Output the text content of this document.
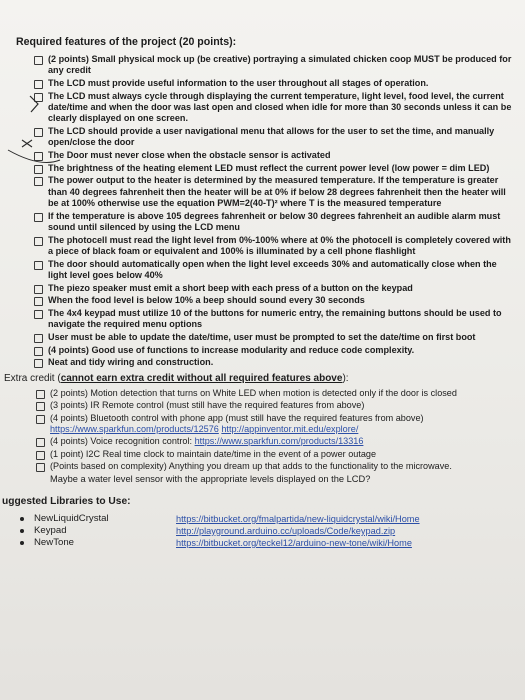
Required features of the project (20 points):
(2 points) Small physical mock up (be creative) portraying a simulated chicken coop MUST be produced for any credit
The LCD must provide useful information to the user throughout all stages of operation.
The LCD must always cycle through displaying the current temperature, light level, food level, the current date/time and when the door was last open and closed when idle for more than 30 seconds unless it can be clearly displayed on one screen.
The LCD should provide a user navigational menu that allows for the user to set the time, and manually open/close the door
The Door must never close when the obstacle sensor is activated
The brightness of the heating element LED must reflect the current power level (low power = dim LED)
The power output to the heater is determined by the measured temperature. If the temperature is greater than 40 degrees fahrenheit then the heater will be at 0% if below 28 degrees fahrenheit then the heater will be at 100% otherwise use the equation PWM=2(40-T)² where T is the measured temperature
If the temperature is above 105 degrees fahrenheit or below 30 degrees fahrenheit an audible alarm must sound until silenced by using the LCD menu
The photocell must read the light level from 0%-100% where at 0% the photocell is completely covered with a piece of black foam or equivalent and 100% is illuminated by a cell phone flashlight
The door should automatically open when the light level exceeds 30% and automatically close when the light level goes below 40%
The piezo speaker must emit a short beep with each press of a button on the keypad
When the food level is below 10% a beep should sound every 30 seconds
The 4x4 keypad must utilize 10 of the buttons for numeric entry, the remaining buttons should be used to navigate the required menu options
User must be able to update the date/time, user must be prompted to set the date/time on first boot
(4 points) Good use of functions to increase modularity and reduce code complexity.
Neat and tidy wiring and construction.
Extra credit (cannot earn extra credit without all required features above):
(2 points) Motion detection that turns on White LED when motion is detected only if the door is closed
(3 points) IR Remote control (must still have the required features from above)
(4 points) Bluetooth control with phone app (must still have the required features from above) https://www.sparkfun.com/products/12576 http://appinventor.mit.edu/explore/
(4 points) Voice recognition control: https://www.sparkfun.com/products/13316
(1 point) I2C Real time clock to maintain date/time in the event of a power outage
(Points based on complexity) Anything you dream up that adds to the functionality to the microwave.
Maybe a water level sensor with the appropriate levels displayed on the LCD?
uggested Libraries to Use:
NewLiquidCrystal	https://bitbucket.org/fmalpartida/new-liquidcrystal/wiki/Home
Keypad	http://playground.arduino.cc/uploads/Code/keypad.zip
NewTone	https://bitbucket.org/teckel12/arduino-new-tone/wiki/Home
